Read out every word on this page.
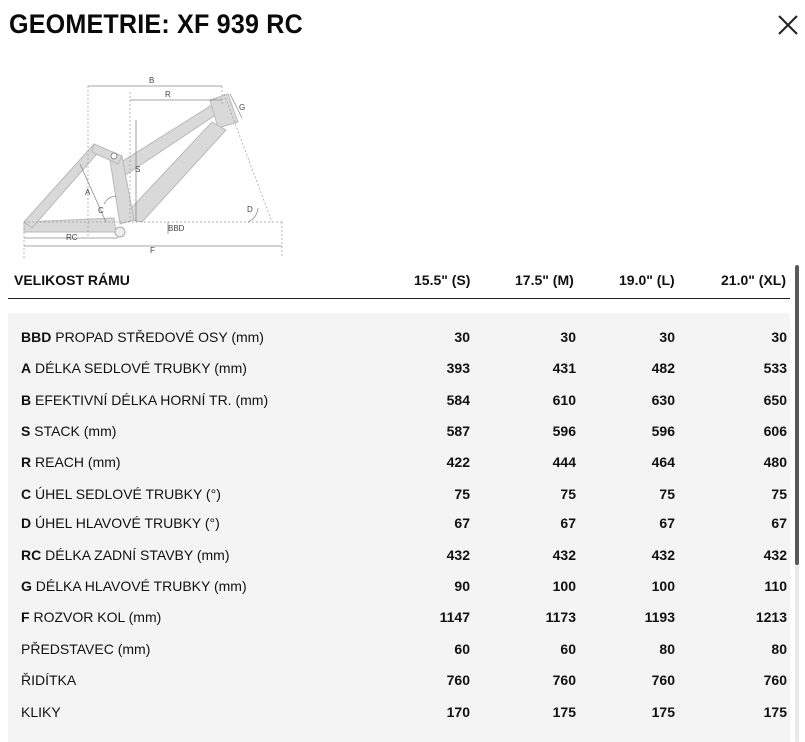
GEOMETRIE: XF 939 RC
B
R
G
S
A
C	D
RC
BBD
F
VELIKOST RÁMU	15.5" (S)	17.5" (M)	19.0" (L)	21.0" (XL)
BBD PROPAD STŘEDOVÉ OSY (mm)	30	30	30	30
A DÉLKA SEDLOVÉ TRUBKY (mm)	393	431	482	533
B EFEKTIVNÍ DÉLKA HORNÍ TR. (mm)	584	610	630	650
S STACK (mm)	587	596	596	606
R REACH (mm)	422	444	464	480
C ÚHEL SEDLOVÉ TRUBKY (°)	75	75	75	75
D ÚHEL HLAVOVÉ TRUBKY (°)	67	67	67	67
RC DÉLKA ZADNÍ STAVBY (mm)	432	432	432	432
G DÉLKA HLAVOVÉ TRUBKY (mm)	90	100	100	110
F ROZVOR KOL (mm)	1147	1173	1193	1213
PŘEDSTAVEC (mm)	60	60	80	80
ŘIDÍTKA	760	760	760	760
KLIKY	170	175	175	175
